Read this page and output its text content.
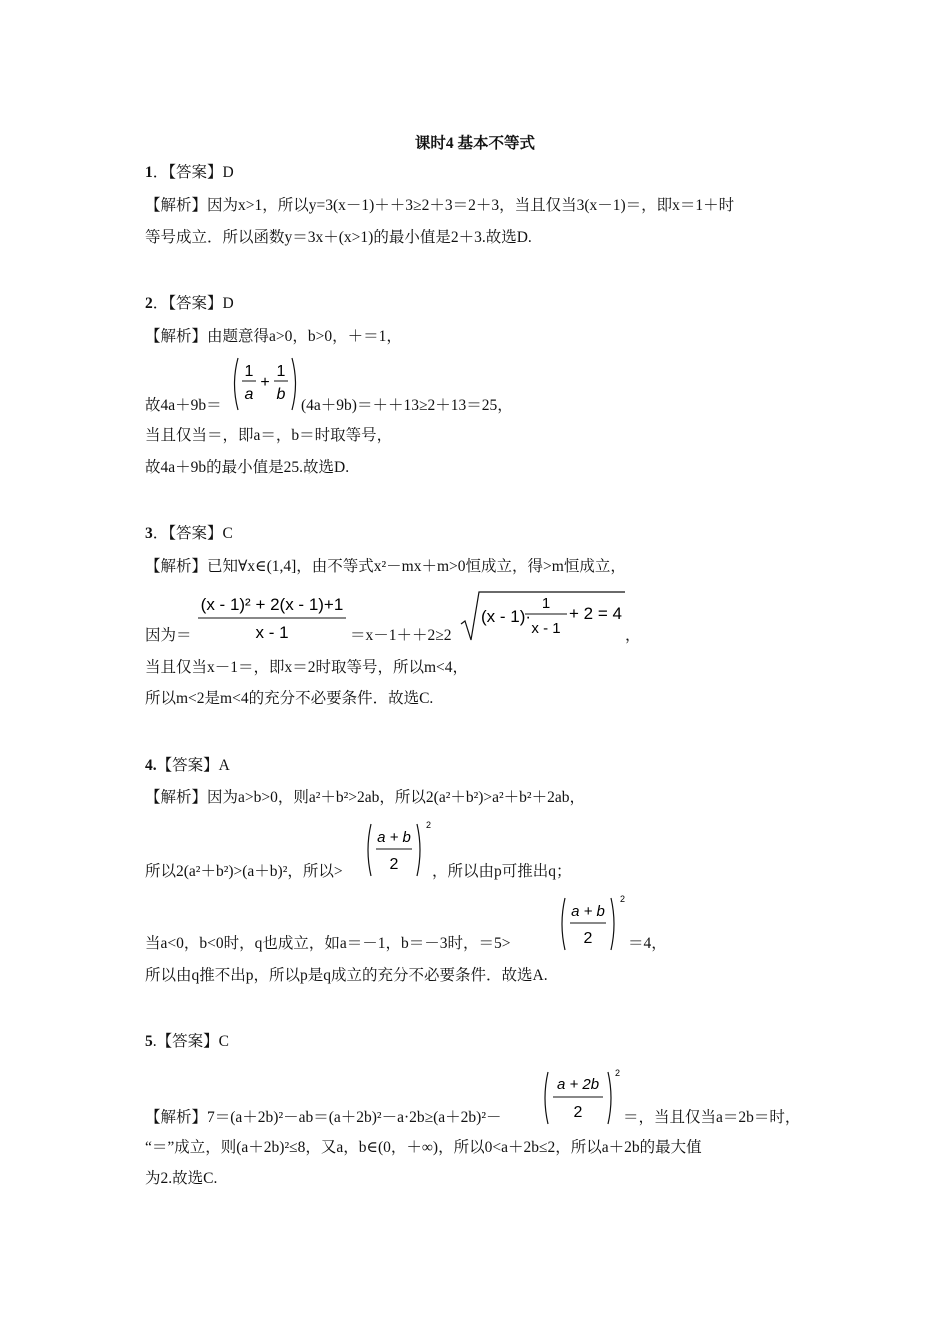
课时4 基本不等式
1．【答案】D
【解析】因为x>1，所以y=3(x－1)＋＋3≥2＋3＝2＋3，当且仅当3(x－1)＝，即x＝1＋时
等号成立．所以函数y＝3x＋(x>1)的最小值是2＋3.故选D.
2．【答案】D
【解析】由题意得a>0，b>0，＋＝1，
故4a＋9b＝
1
a
+
1
b
(4a＋9b)＝＋＋13≥2＋13＝25，
当且仅当＝，即a＝，b＝时取等号，
故4a＋9b的最小值是25.故选D.
3．【答案】C
【解析】已知∀x∈(1,4]，由不等式x²－mx＋m>0恒成立，得>m恒成立，
因为＝
(x - 1)² + 2(x - 1)+1
x - 1	＝x－1＋＋2≥2
(x - 1)·
1
x - 1
+ 2 = 4
，
当且仅当x－1＝，即x＝2时取等号，所以m<4，
所以m<2是m<4的充分不必要条件．故选C.
4.【答案】A
【解析】因为a>b>0，则a²＋b²>2ab，所以2(a²＋b²)>a²＋b²＋2ab，
所以2(a²＋b²)>(a＋b)²，所以>
a + b
2
2
，所以由p可推出q；
当a<0，b<0时，q也成立，如a＝－1，b＝－3时，＝5>
a + b
2
2
＝4，
所以由q推不出p，所以p是q成立的充分不必要条件．故选A.
5.【答案】C
【解析】7＝(a＋2b)²－ab＝(a＋2b)²－a·2b≥(a＋2b)²－
a + 2b
2
2
＝，当且仅当a＝2b＝时，
“＝”成立，则(a＋2b)²≤8，又a，b∈(0，＋∞)，所以0<a＋2b≤2，所以a＋2b的最大值
为2.故选C.
